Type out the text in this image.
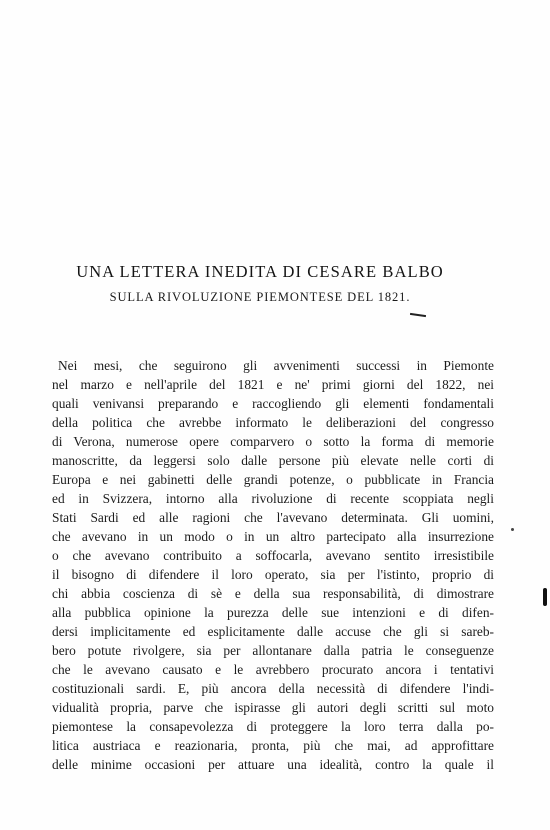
UNA LETTERA INEDITA DI CESARE BALBO
SULLA RIVOLUZIONE PIEMONTESE DEL 1821.
Nei mesi, che seguirono gli avvenimenti successi in Piemonte
nel marzo e nell'aprile del 1821 e ne' primi giorni del 1822, nei
quali venivansi preparando e raccogliendo gli elementi fondamentali
della politica che avrebbe informato le deliberazioni del congresso
di Verona, numerose opere comparvero o sotto la forma di memorie
manoscritte, da leggersi solo dalle persone più elevate nelle corti di
Europa e nei gabinetti delle grandi potenze, o pubblicate in Francia
ed in Svizzera, intorno alla rivoluzione di recente scoppiata negli
Stati Sardi ed alle ragioni che l'avevano determinata. Gli uomini,
che avevano in un modo o in un altro partecipato alla insurrezione
o che avevano contribuito a soffocarla, avevano sentito irresistibile
il bisogno di difendere il loro operato, sia per l'istinto, proprio di
chi abbia coscienza di sè e della sua responsabilità, di dimostrare
alla pubblica opinione la purezza delle sue intenzioni e di difen-
dersi implicitamente ed esplicitamente dalle accuse che gli si sareb-
bero potute rivolgere, sia per allontanare dalla patria le conseguenze
che le avevano causato e le avrebbero procurato ancora i tentativi
costituzionali sardi. E, più ancora della necessità di difendere l'indi-
vidualità propria, parve che ispirasse gli autori degli scritti sul moto
piemontese la consapevolezza di proteggere la loro terra dalla po-
litica austriaca e reazionaria, pronta, più che mai, ad approfittare
delle minime occasioni per attuare una idealità, contro la quale il
